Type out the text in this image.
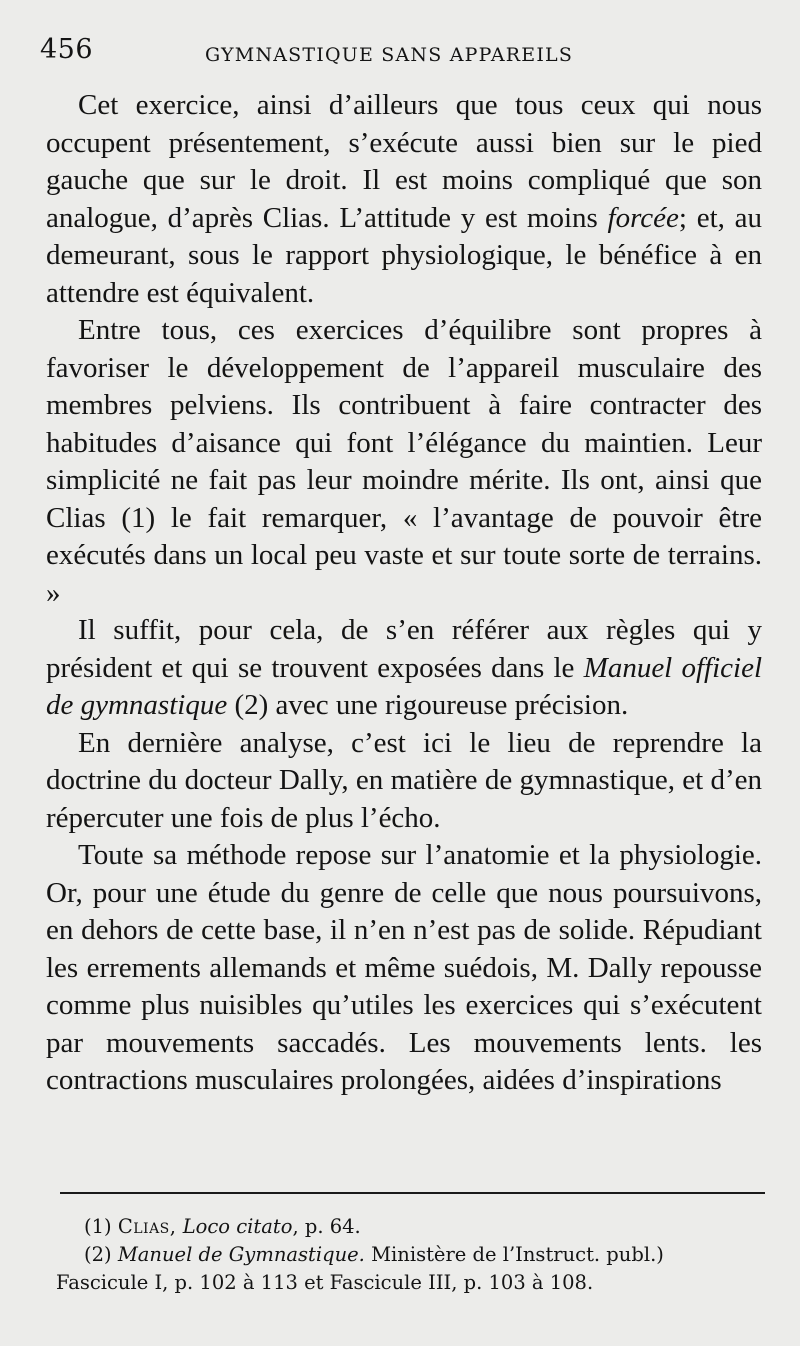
456	GYMNASTIQUE SANS APPAREILS

Cet exercice, ainsi d’ailleurs que tous ceux qui nous occupent présentement, s’exécute aussi bien sur le pied gauche que sur le droit. Il est moins compliqué que son analogue, d’après Clias. L’attitude y est moins forcée; et, au demeurant, sous le rapport physiologique, le bénéfice à en attendre est équivalent.

Entre tous, ces exercices d’équilibre sont propres à favoriser le développement de l’appareil musculaire des membres pelviens. Ils contribuent à faire contracter des habitudes d’aisance qui font l’élégance du maintien. Leur simplicité ne fait pas leur moindre mérite. Ils ont, ainsi que Clias (1) le fait remarquer, « l’avantage de pouvoir être exécutés dans un local peu vaste et sur toute sorte de terrains. »

Il suffit, pour cela, de s’en référer aux règles qui y président et qui se trouvent exposées dans le Manuel officiel de gymnastique (2) avec une rigoureuse précision.

En dernière analyse, c’est ici le lieu de reprendre la doctrine du docteur Dally, en matière de gymnastique, et d’en répercuter une fois de plus l’écho.

Toute sa méthode repose sur l’anatomie et la physiologie. Or, pour une étude du genre de celle que nous poursuivons, en dehors de cette base, il n’en n’est pas de solide. Répudiant les errements allemands et même suédois, M. Dally repousse comme plus nuisibles qu’utiles les exercices qui s’exécutent par mouvements saccadés. Les mouvements lents. les contractions musculaires prolongées, aidées d’inspirations

(1) Clias, Loco citato, p. 64.

(2) Manuel de Gymnastique. Ministère de l’Instruct. publ.)

Fascicule I, p. 102 à 113 et Fascicule III, p. 103 à 108.
